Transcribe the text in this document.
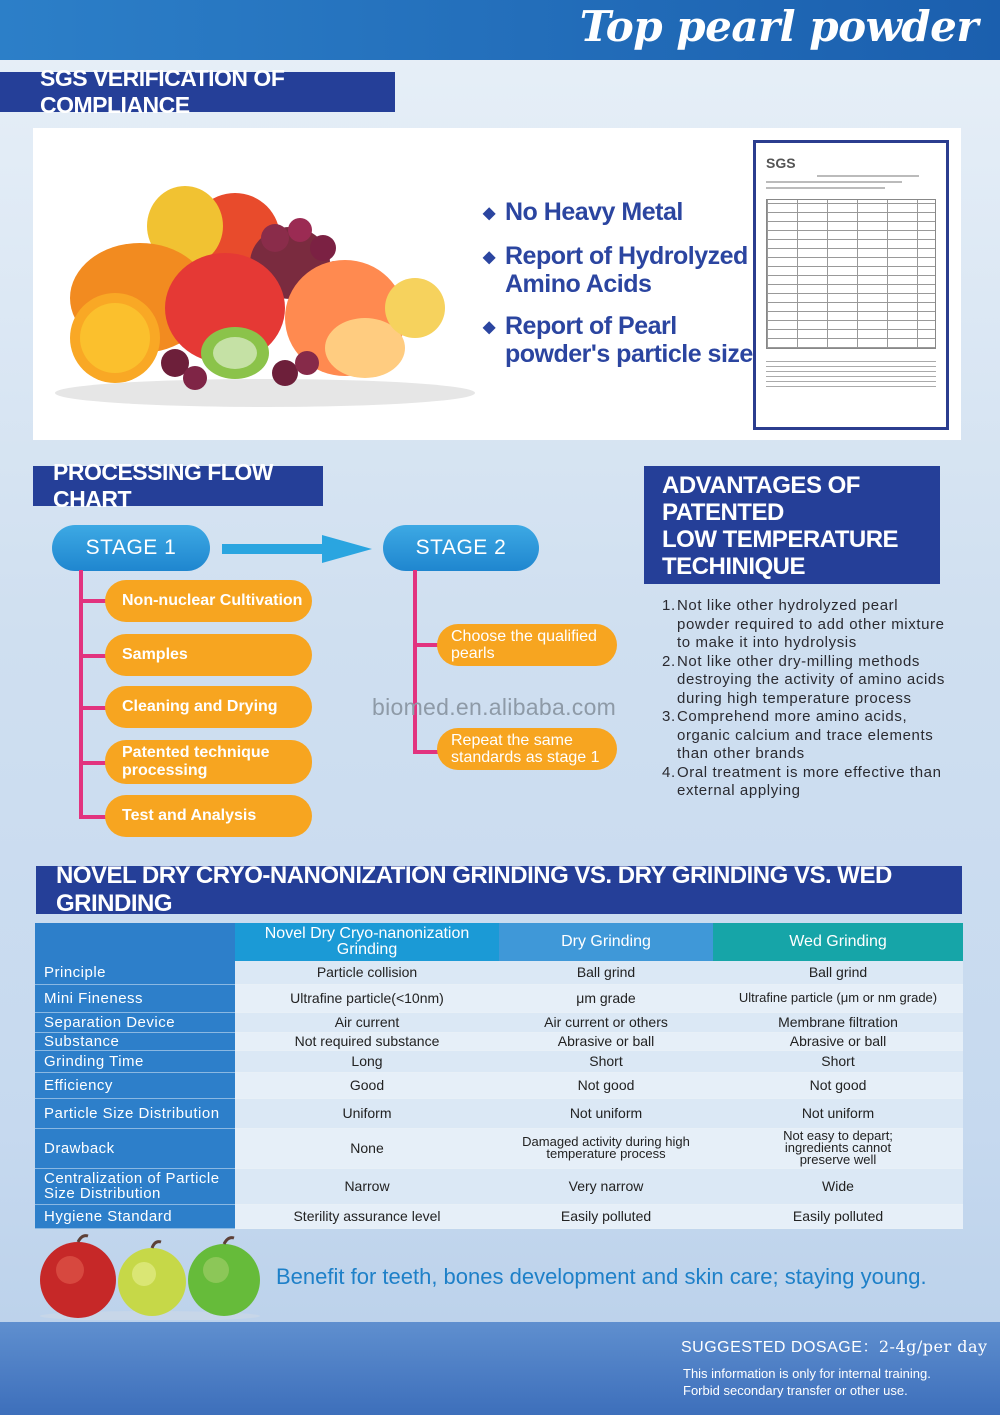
Top pearl powder
SGS VERIFICATION OF COMPLIANCE
◆ No Heavy Metal
◆ Report of Hydrolyzed Amino Acids
◆ Report of Pearl powder's particle size
SGS
PROCESSING FLOW CHART
STAGE 1	STAGE 2
Non-nuclear Cultivation
Samples
Cleaning and Drying
Patented technique processing
Test and Analysis
Choose the qualified pearls
Repeat the same standards as stage 1
biomed.en.alibaba.com
ADVANTAGES OF
PATENTED
LOW TEMPERATURE
TECHINIQUE
1. Not like other hydrolyzed pearl powder required to add other mixture to make it into hydrolysis
2. Not like other dry-milling methods destroying the activity of amino acids during high temperature process
3. Comprehend more amino acids, organic calcium and trace elements than other brands
4. Oral treatment is more effective than external applying
NOVEL DRY CRYO-NANONIZATION GRINDING VS. DRY GRINDING VS. WED GRINDING
	Novel Dry Cryo-nanonization Grinding	Dry Grinding	Wed Grinding
Principle	Particle collision	Ball grind	Ball grind
Mini Fineness	Ultrafine particle(<10nm)	μm grade	Ultrafine particle (μm or nm grade)
Separation Device	Air current	Air current or others	Membrane filtration
Substance	Not required substance	Abrasive or ball	Abrasive or ball
Grinding Time	Long	Short	Short
Efficiency	Good	Not good	Not good
Particle Size Distribution	Uniform	Not uniform	Not uniform
Drawback	None	Damaged activity during high temperature process	Not easy to depart; ingredients cannot preserve well
Centralization of Particle Size Distribution	Narrow	Very narrow	Wide
Hygiene Standard	Sterility assurance level	Easily polluted	Easily polluted
Benefit for teeth, bones development and skin care; staying young.
SUGGESTED DOSAGE：2-4g/per day
This information is only for internal training.
Forbid secondary transfer or other use.
